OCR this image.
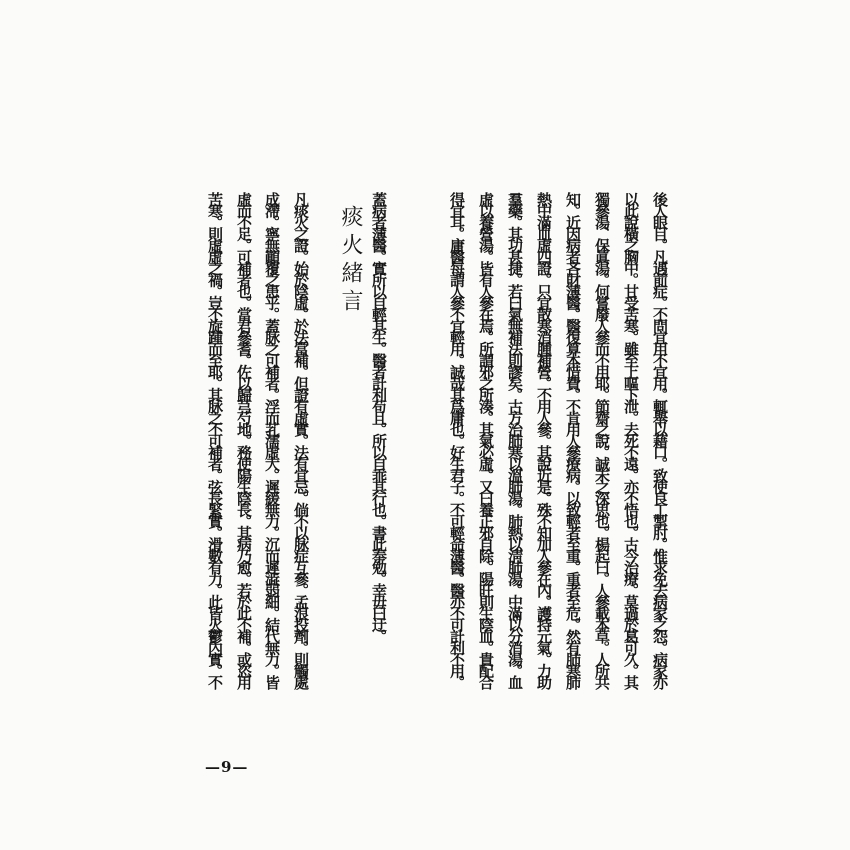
後人眼目。凡遇前症。不問宜用不宜用。輒舉以藉口。致使良工掣肘。惟求免去病家之怨。病家亦
以此說橫之胸中。甘受苦寒。雖至上嘔下泄。去死不遠。亦不悟也。古今治療。莫過於葛可久。其
獨參湯、保眞湯。何嘗廢人參而不用耶。節齋之說。誠未之深思也。楊起曰。人參載本草。人所共
知。近因病者吝財薄醫。醫復算本惜費。不肯用人參療病。以致輕者至重。重者至危。然有肺寒肺
熱中滿血虛四證。只宜散寒消腫補營。不用人參。其說近是。殊不知加人參在內。護持元氣。力助
羣藥。其功甚捷。若曰氣無補法則謬矣。古方治肺寒以溫肺湯。肺熱以淸肺湯。中滿以分消湯。血
虛以養營湯。皆有人參在焉。所謂邪之所湊。其氣必虛。又曰養正邪自除。陽旺則生陰血。貴配合
得宜耳。庸醫每謂人參不宜輕用。誠哉其爲庸也。好生君子。不可輕命薄醫。醫亦不可計利不用。
蓋病者薄醫。實所以自輕其生。醫者計利苟且。所以自乖其行也。書此奉勉。幸毋曰迂。
痰火緒言
凡痰火之證。始於陰虛。於法當補。但證有虛實。法有宜忌。倘不以脉症互參。孟浪投劑。則觸處
成滯。寧無顚覆之患乎。蓋脉之可補者。浮而芤濡虛大。遲緩無力。沉而遲澁弱細。結代無力。皆
虛而不足。可補者也。當君參耆。佐以歸芎芍地。務使陽生陰長。其病乃愈。若於此不補。或恣用
苦寒。則虛虛之禍。豈不旋踵而至耶。其脉之不可補者。弦長緊實。滑數有力。此皆火鬱內實。不
—9—
